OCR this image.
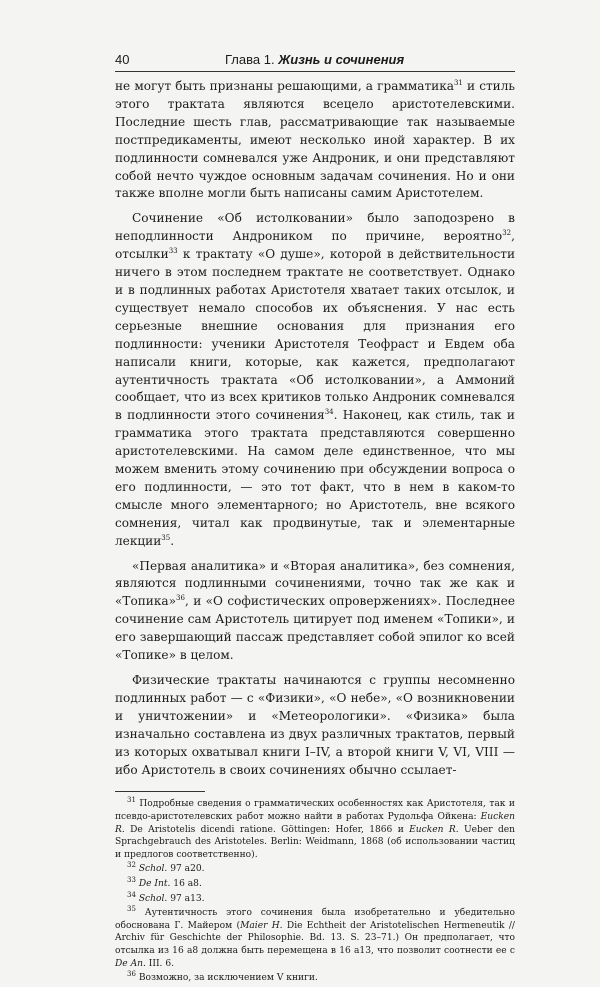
40	Глава 1.
Жизнь и сочинения

не могут быть признаны решающими, а грамматика$^{31}$ и стиль этого трактата являются всецело аристотелевскими. Последние шесть глав, рассматривающие так называемые постпредикаменты, имеют несколько иной характер. В их подлинности сомневался уже Андроник, и они представляют собой нечто чуждое основным задачам сочинения. Но и они также вполне могли быть написаны самим Аристотелем.

Сочинение «Об истолковании» было заподозрено в неподлинности Андроником по причине, вероятно$^{32}$, отсылки$^{33}$ к трактату «О душе», которой в действительности ничего в этом последнем трактате не соответствует. Однако и в подлинных работах Аристотеля хватает таких отсылок, и существует немало способов их объяснения. У нас есть серьезные внешние основания для признания его подлинности: ученики Аристотеля Теофраст и Евдем оба написали книги, которые, как кажется, предполагают аутентичность трактата «Об истолковании», а Аммоний сообщает, что из всех критиков только Андроник сомневался в подлинности этого сочинения$^{34}$. Наконец, как стиль, так и грамматика этого трактата представляются совершенно аристотелевскими. На самом деле единственное, что мы можем вменить этому сочинению при обсуждении вопроса о его подлинности, — это тот факт, что в нем в каком-то смысле много элементарного; но Аристотель, вне всякого сомнения, читал как продвинутые, так и элементарные лекции$^{35}$.

«Первая аналитика» и «Вторая аналитика», без сомнения, являются подлинными сочинениями, точно так же как и «Топика»$^{36}$, и «О софистических опровержениях». Последнее сочинение сам Аристотель цитирует под именем «Топики», и его завершающий пассаж представляет собой эпилог ко всей «Топике» в целом.

Физические трактаты начинаются с группы несомненно подлинных работ — с «Физики», «О небе», «О возникновении и уничтожении» и «Метеорологики». «Физика» была изначально составлена из двух различных трактатов, первый из которых охватывал книги I–IV, а второй книги V, VI, VIII — ибо Аристотель в своих сочинениях обычно ссылает-

$^{31}$ Подробные сведения о грамматических особенностях как Аристотеля, так и псевдо-аристотелевских работ можно найти в работах Рудольфа Ойкена: Eucken R. De Aristotelis dicendi ratione. Göttingen: Hofer, 1866 и Eucken R. Ueber den Sprachgebrauch des Aristoteles. Berlin: Weidmann, 1868 (об использовании частиц и предлогов соответственно).

$^{32}$ Schol. 97 a20.

$^{33}$ De Int. 16 a8.

$^{34}$ Schol. 97 a13.

$^{35}$ Аутентичность этого сочинения была изобретательно и убедительно обоснована Г. Майером (Maier H. Die Echtheit der Aristotelischen Hermeneutik // Archiv für Geschichte der Philosophie. Bd. 13. S. 23–71.) Он предполагает, что отсылка из 16 a8 должна быть перемещена в 16 a13, что позволит соотнести ее с De An. III. 6.

$^{36}$ Возможно, за исключением V книги.
